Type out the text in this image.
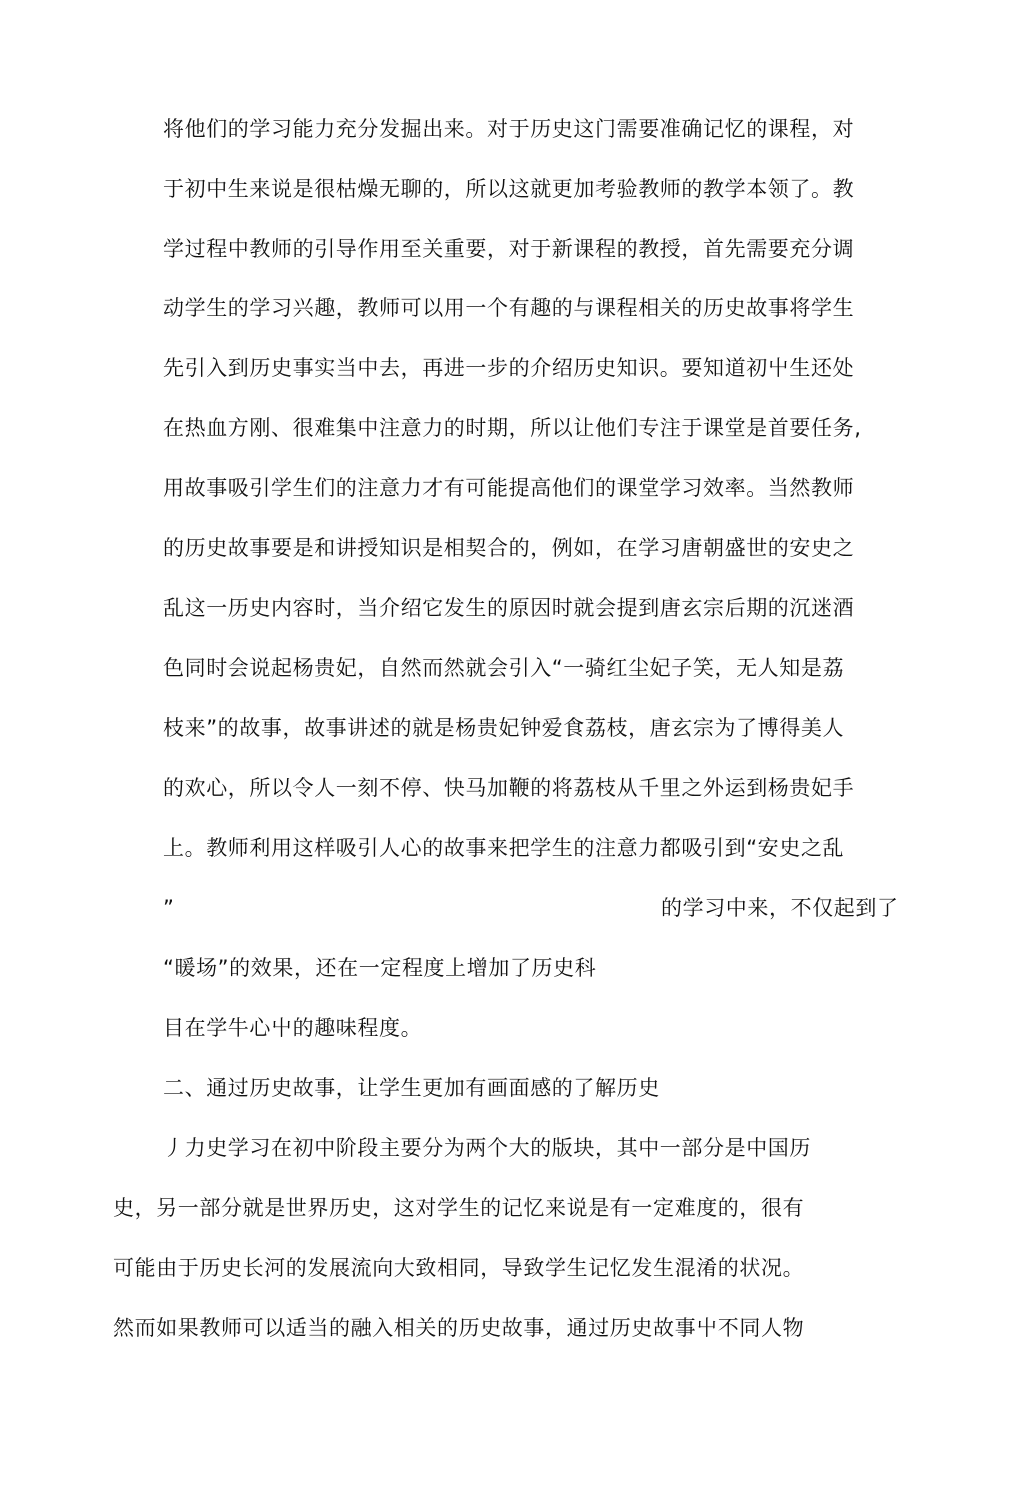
将他们的学习能力充分发掘出来。对于历史这门需要准确记忆的课程，对
于初中生来说是很枯燥无聊的，所以这就更加考验教师的教学本领了。教
学过程中教师的引导作用至关重要，对于新课程的教授，首先需要充分调
动学生的学习兴趣，教师可以用一个有趣的与课程相关的历史故事将学生
先引入到历史事实当中去，再进一步的介绍历史知识。要知道初屮生还处
在热血方刚、很难集中注意力的时期，所以让他们专注于课堂是首要任务,
用故事吸引学生们的注意力才有可能提高他们的课堂学习效率。当然教师
的历史故事要是和讲授知识是相契合的，例如，在学习唐朝盛世的安史之
乱这一历史内容时，当介绍它发生的原因时就会提到唐玄宗后期的沉迷酒
色同时会说起杨贵妃，自然而然就会引入“一骑红尘妃子笑，无人知是荔
枝来”的故事，故事讲述的就是杨贵妃钟爱食荔枝，唐玄宗为了博得美人
的欢心，所以令人一刻不停、快马加鞭的将荔枝从千里之外运到杨贵妃手
上。教师利用这样吸引人心的故事来把学生的注意力都吸引到“安史之乱
”	的学习中来，不仅起到了
“暖场”的效果，还在一定程度上增加了历史科
目在学牛心屮的趣味程度。
二、通过历史故事，让学生更加有画面感的了解历史
丿力史学习在初中阶段主要分为两个大的版块，其中一部分是中国历
史，另一部分就是世界历史，这对学生的记忆来说是有一定难度的，很有
可能由于历史长河的发展流向大致相同，导致学生记忆发生混淆的状况。
然而如果教师可以适当的融入相关的历史故事，通过历史故事屮不同人物
